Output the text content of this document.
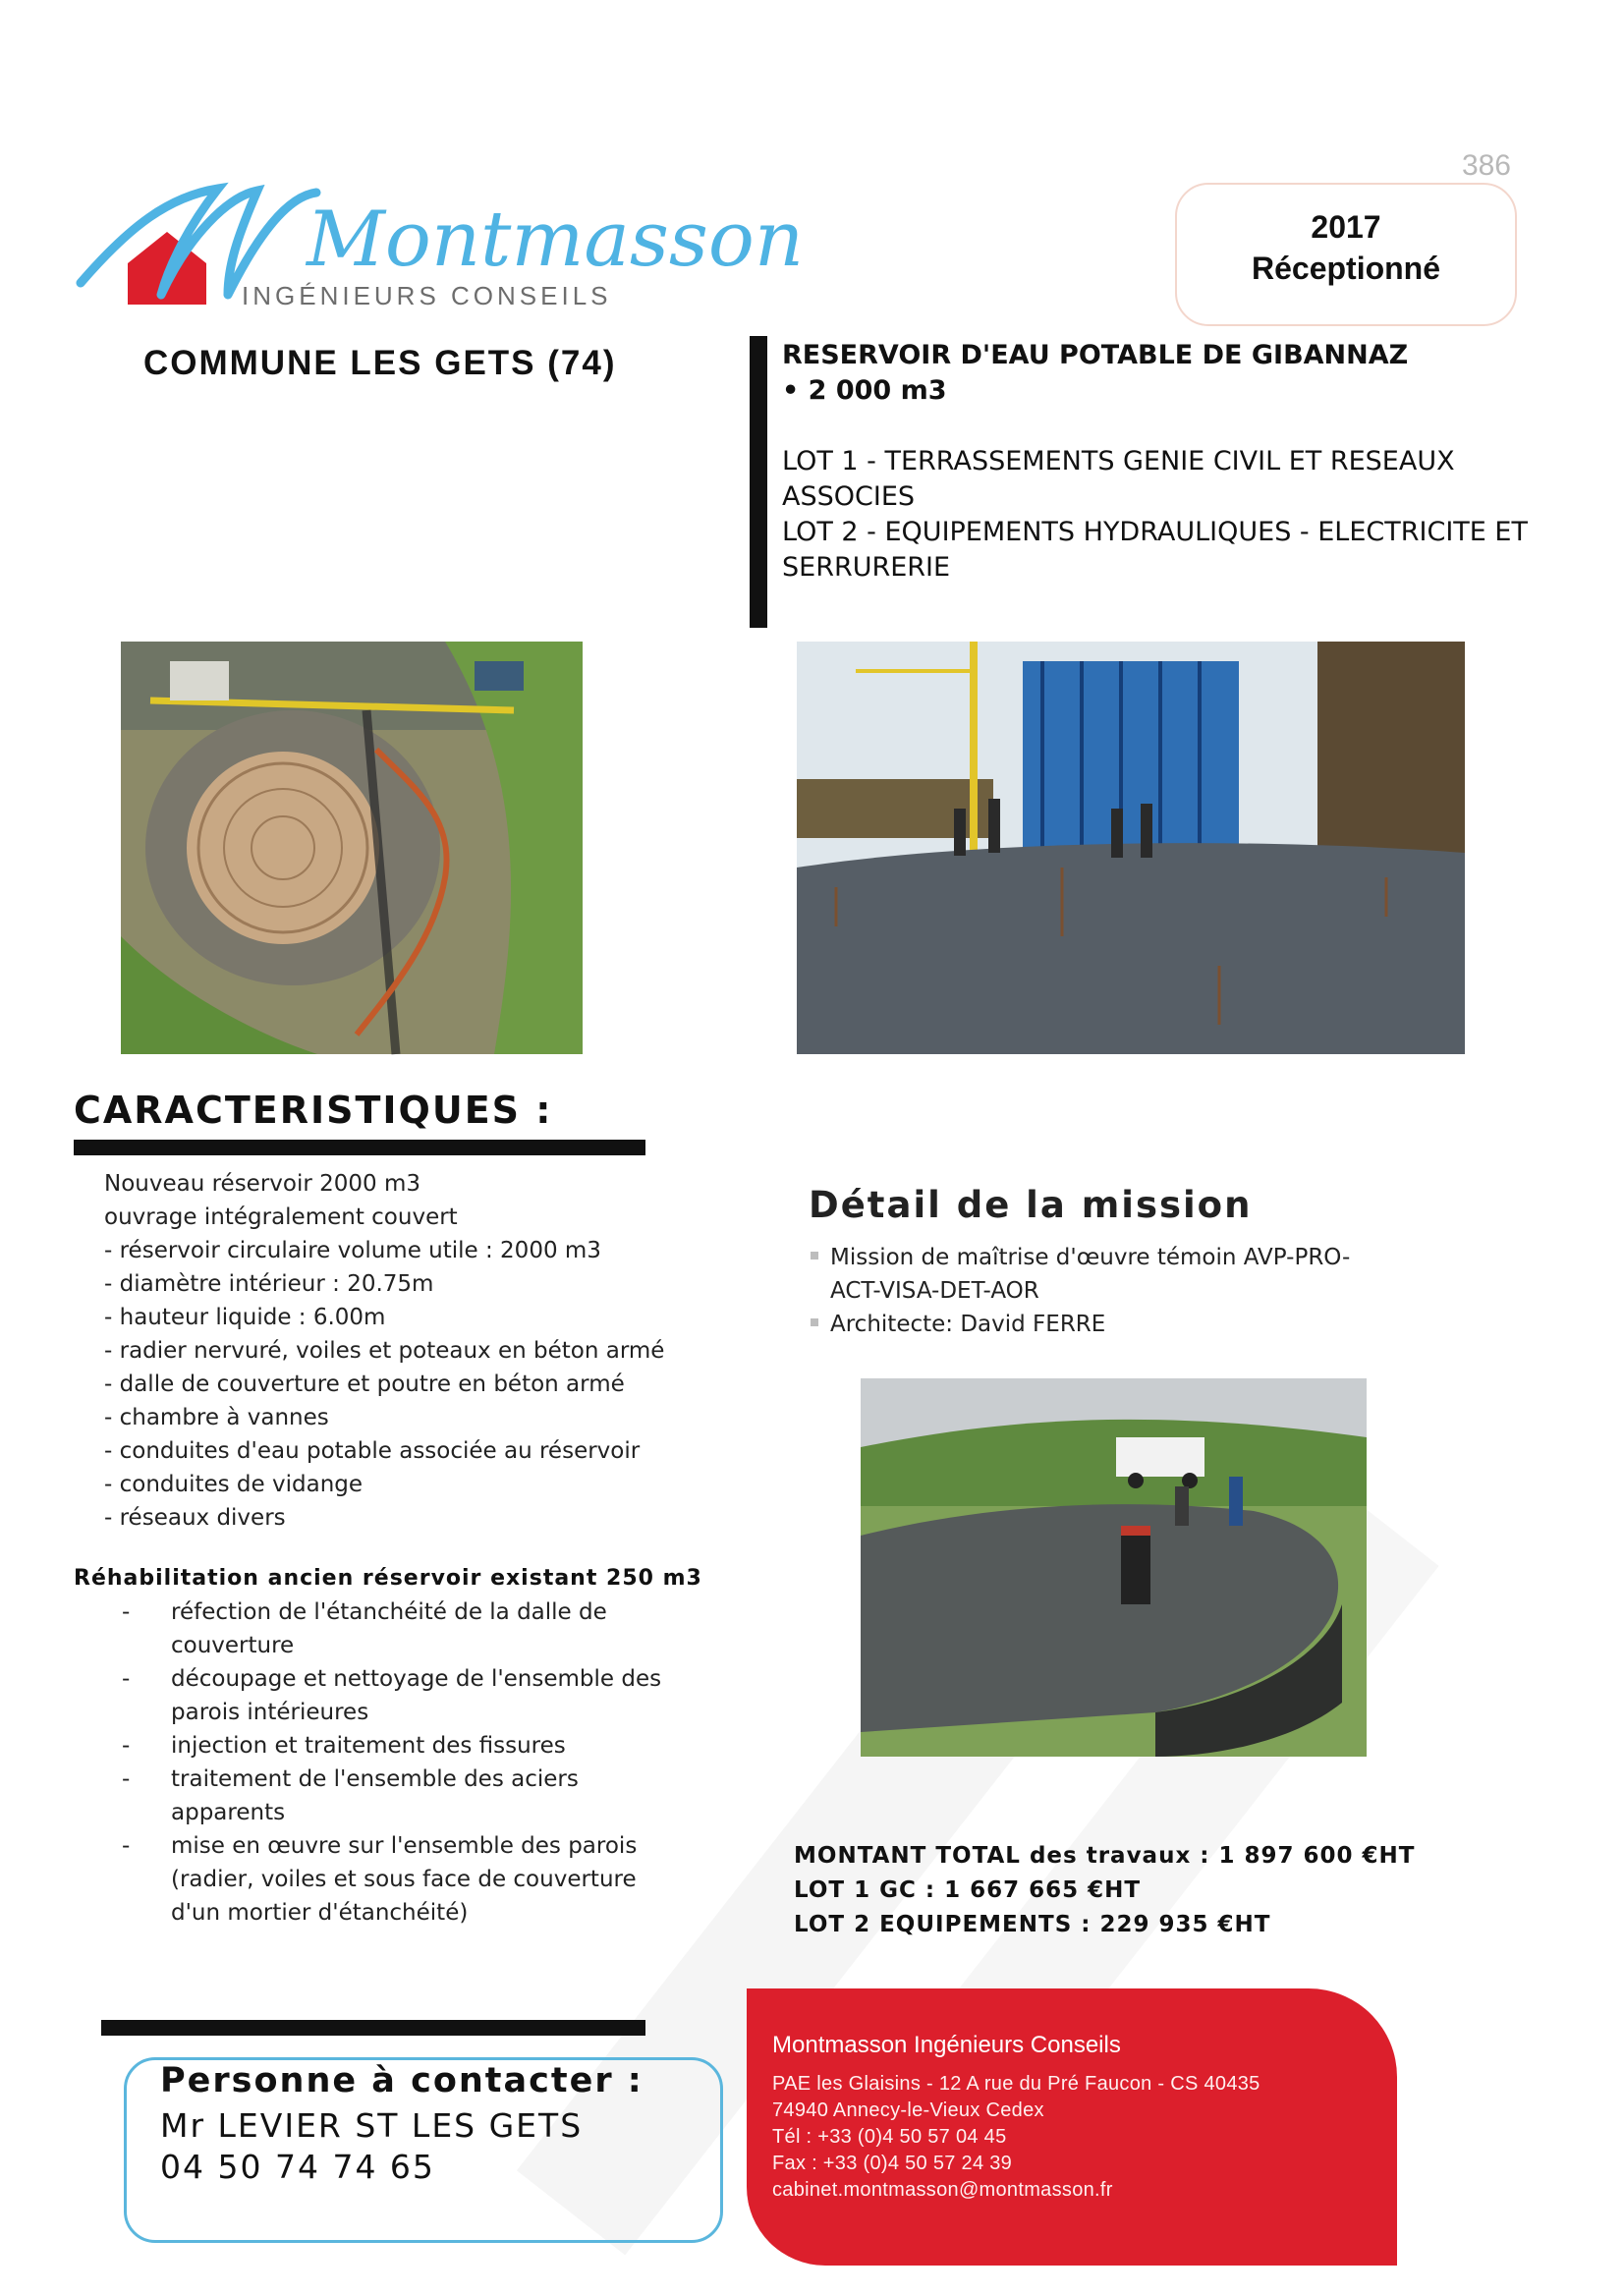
Montmasson
INGÉNIEURS CONSEILS
386
2017
Réceptionné
COMMUNE LES GETS (74)	RESERVOIR D'EAU POTABLE DE GIBANNAZ
• 2 000 m3
LOT 1 - TERRASSEMENTS GENIE CIVIL ET RESEAUX
ASSOCIES
LOT 2 - EQUIPEMENTS HYDRAULIQUES - ELECTRICITE ET
SERRURERIE
CARACTERISTIQUES :
Nouveau réservoir 2000 m3
ouvrage intégralement couvert
- réservoir circulaire volume utile : 2000 m3
- diamètre intérieur : 20.75m
- hauteur liquide : 6.00m
- radier nervuré, voiles et poteaux en béton armé
- dalle de couverture et poutre en béton armé
- chambre à vannes
- conduites d'eau potable associée au réservoir
- conduites de vidange
- réseaux divers
Réhabilitation ancien réservoir existant 250 m3
- réfection de l'étanchéité de la dalle de couverture
- découpage et nettoyage de l'ensemble des parois intérieures
- injection et traitement des fissures
- traitement de l'ensemble des aciers apparents
- mise en œuvre sur l'ensemble des parois (radier, voiles et sous face de couverture d'un mortier d'étanchéité)
Détail de la mission
Mission de maîtrise d'œuvre témoin AVP-PRO-ACT-VISA-DET-AOR
Architecte: David FERRE
MONTANT TOTAL des travaux : 1 897 600 €HT
LOT 1 GC : 1 667 665 €HT
LOT 2 EQUIPEMENTS : 229 935 €HT
Personne à contacter :
Mr LEVIER ST LES GETS
04 50 74 74 65
Montmasson Ingénieurs Conseils
PAE les Glaisins - 12 A rue du Pré Faucon - CS 40435
74940 Annecy-le-Vieux Cedex
Tél : +33 (0)4 50 57 04 45
Fax : +33 (0)4 50 57 24 39
cabinet.montmasson@montmasson.fr
